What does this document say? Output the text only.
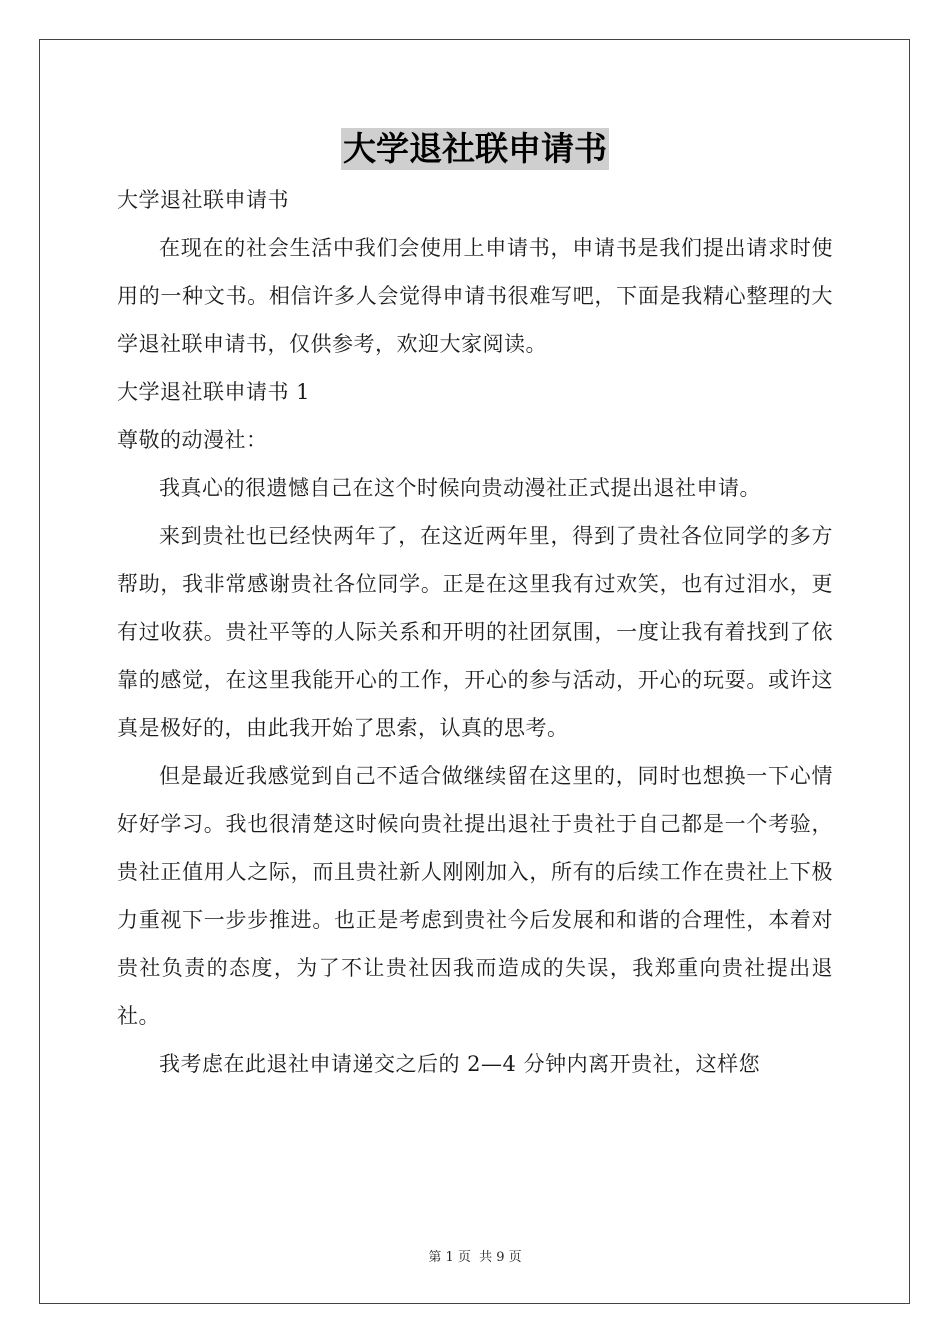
大学退社联申请书

大学退社联申请书

在现在的社会生活中我们会使用上申请书，申请书是我们提出请求时使用的一种文书。相信许多人会觉得申请书很难写吧，下面是我精心整理的大学退社联申请书，仅供参考，欢迎大家阅读。

大学退社联申请书 1

尊敬的动漫社：

我真心的很遗憾自己在这个时候向贵动漫社正式提出退社申请。

来到贵社也已经快两年了，在这近两年里，得到了贵社各位同学的多方帮助，我非常感谢贵社各位同学。正是在这里我有过欢笑，也有过泪水，更有过收获。贵社平等的人际关系和开明的社团氛围，一度让我有着找到了依靠的感觉，在这里我能开心的工作，开心的参与活动，开心的玩耍。或许这真是极好的，由此我开始了思索，认真的思考。

但是最近我感觉到自己不适合做继续留在这里的，同时也想换一下心情好好学习。我也很清楚这时候向贵社提出退社于贵社于自己都是一个考验，贵社正值用人之际，而且贵社新人刚刚加入，所有的后续工作在贵社上下极力重视下一步步推进。也正是考虑到贵社今后发展和和谐的合理性，本着对贵社负责的态度，为了不让贵社因我而造成的失误，我郑重向贵社提出退社。

我考虑在此退社申请递交之后的 2—4 分钟内离开贵社，这样您

第 1 页 共 9 页
